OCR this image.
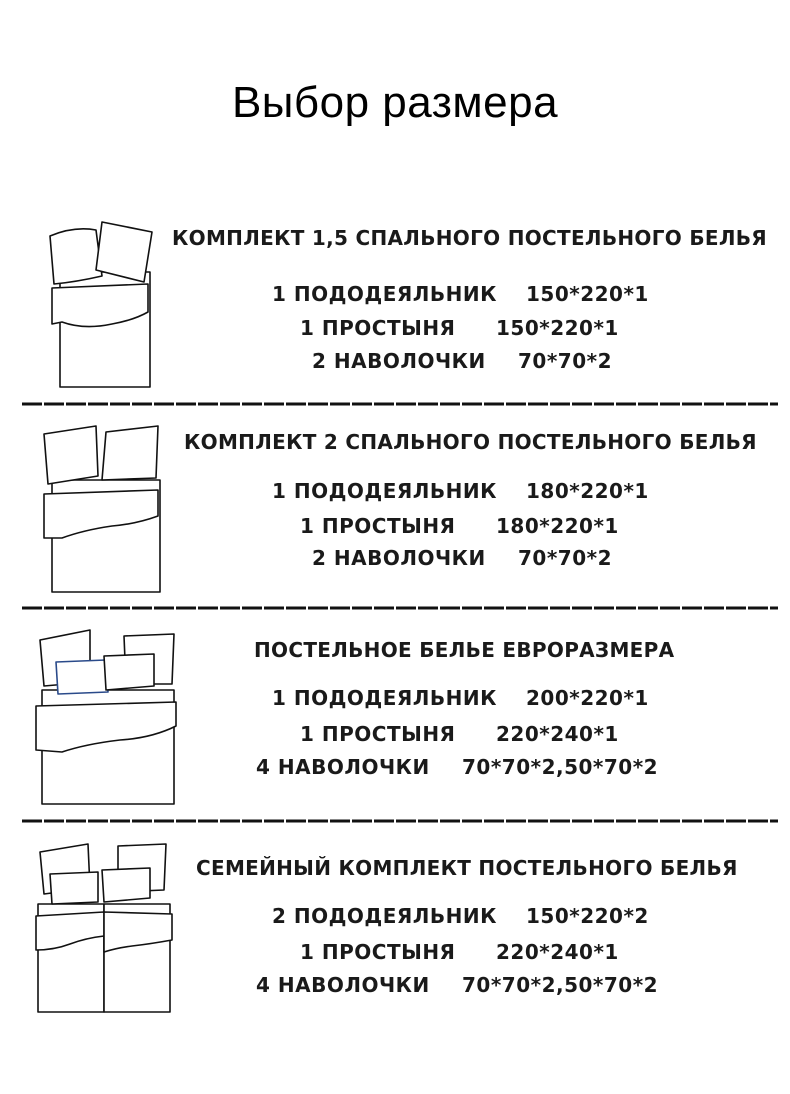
Выбор размера
КОМПЛЕКТ 1,5 СПАЛЬНОГО ПОСТЕЛЬНОГО БЕЛЬЯ
1 ПОДОДЕЯЛЬНИК 150*220*1
1 ПРОСТЫНЯ 150*220*1
2 НАВОЛОЧКИ 70*70*2
КОМПЛЕКТ 2 СПАЛЬНОГО ПОСТЕЛЬНОГО БЕЛЬЯ
1 ПОДОДЕЯЛЬНИК 180*220*1
1 ПРОСТЫНЯ 180*220*1
2 НАВОЛОЧКИ 70*70*2
ПОСТЕЛЬНОЕ БЕЛЬЕ ЕВРОРАЗМЕРА
1 ПОДОДЕЯЛЬНИК 200*220*1
1 ПРОСТЫНЯ 220*240*1
4 НАВОЛОЧКИ 70*70*2,50*70*2
СЕМЕЙНЫЙ КОМПЛЕКТ ПОСТЕЛЬНОГО БЕЛЬЯ
2 ПОДОДЕЯЛЬНИК 150*220*2
1 ПРОСТЫНЯ 220*240*1
4 НАВОЛОЧКИ 70*70*2,50*70*2
